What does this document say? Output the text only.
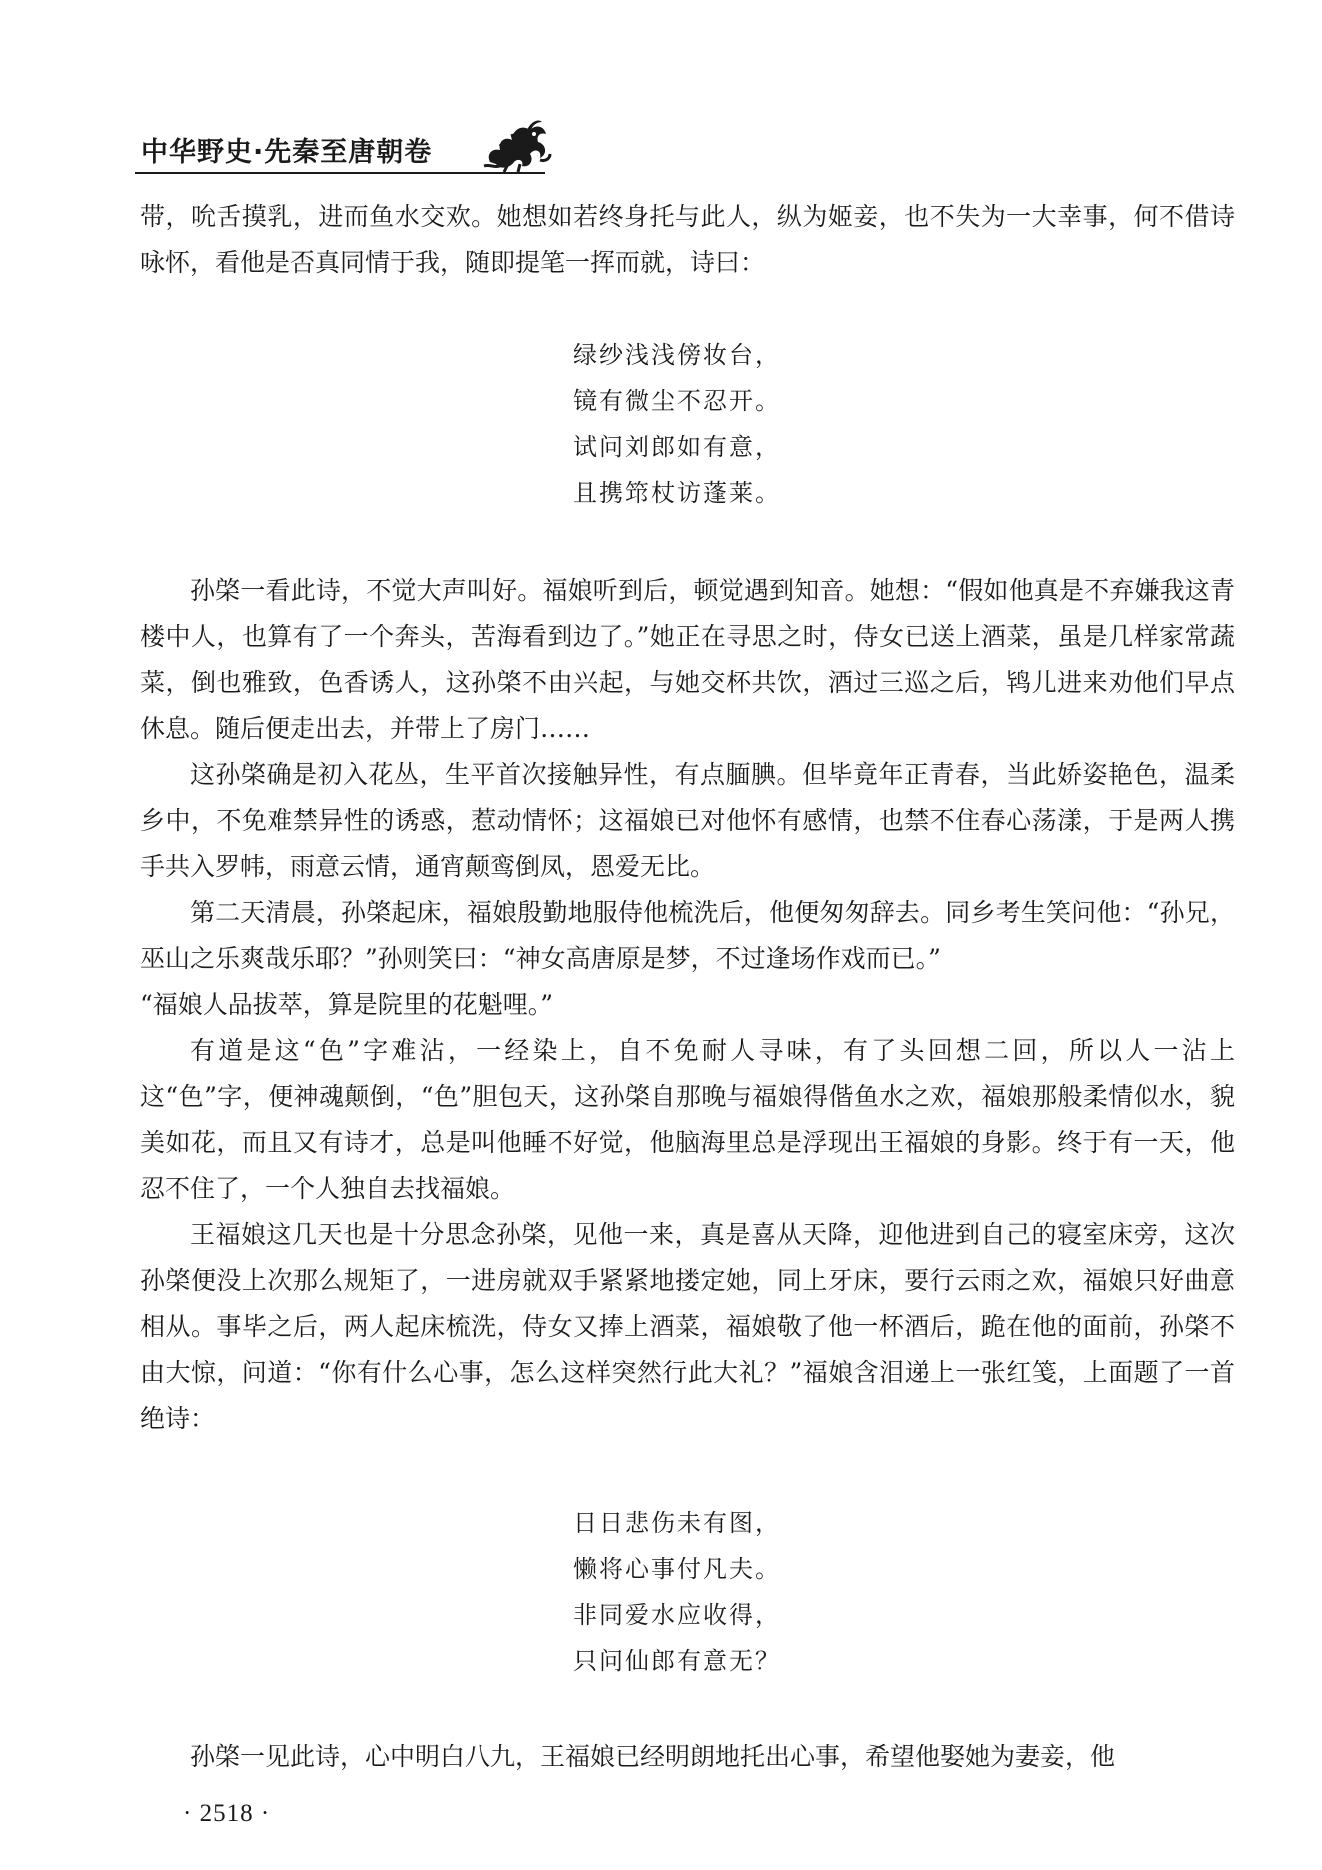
中华野史·先秦至唐朝卷

带，吮舌摸乳，进而鱼水交欢。她想如若终身托与此人，纵为姬妾，也不失为一大幸事，何不借诗咏怀，看他是否真同情于我，随即提笔一挥而就，诗曰：

绿纱浅浅傍妆台，
镜有微尘不忍开。
试问刘郎如有意，
且携筇杖访蓬莱。

孙棨一看此诗，不觉大声叫好。福娘听到后，顿觉遇到知音。她想：“假如他真是不弃嫌我这青楼中人，也算有了一个奔头，苦海看到边了。”她正在寻思之时，侍女已送上酒菜，虽是几样家常蔬菜，倒也雅致，色香诱人，这孙棨不由兴起，与她交杯共饮，酒过三巡之后，鸨儿进来劝他们早点休息。随后便走出去，并带上了房门……

这孙棨确是初入花丛，生平首次接触异性，有点腼腆。但毕竟年正青春，当此娇姿艳色，温柔乡中，不免难禁异性的诱惑，惹动情怀；这福娘已对他怀有感情，也禁不住春心荡漾，于是两人携手共入罗帏，雨意云情，通宵颠鸾倒凤，恩爱无比。

第二天清晨，孙棨起床，福娘殷勤地服侍他梳洗后，他便匆匆辞去。同乡考生笑问他：“孙兄，巫山之乐爽哉乐耶？”孙则笑曰：“神女高唐原是梦，不过逢场作戏而已。”

“福娘人品拔萃，算是院里的花魁哩。”

有道是这“色”字难沾，一经染上，自不免耐人寻味，有了头回想二回，所以人一沾上这“色”字，便神魂颠倒，“色”胆包天，这孙棨自那晚与福娘得偕鱼水之欢，福娘那般柔情似水，貌美如花，而且又有诗才，总是叫他睡不好觉，他脑海里总是浮现出王福娘的身影。终于有一天，他忍不住了，一个人独自去找福娘。

王福娘这几天也是十分思念孙棨，见他一来，真是喜从天降，迎他进到自己的寝室床旁，这次孙棨便没上次那么规矩了，一进房就双手紧紧地搂定她，同上牙床，要行云雨之欢，福娘只好曲意相从。事毕之后，两人起床梳洗，侍女又捧上酒菜，福娘敬了他一杯酒后，跪在他的面前，孙棨不由大惊，问道：“你有什么心事，怎么这样突然行此大礼？”福娘含泪递上一张红笺，上面题了一首绝诗：

日日悲伤未有图，
懒将心事付凡夫。
非同爱水应收得，
只问仙郎有意无？

孙棨一见此诗，心中明白八九，王福娘已经明朗地托出心事，希望他娶她为妻妾，他

· 2518 ·
